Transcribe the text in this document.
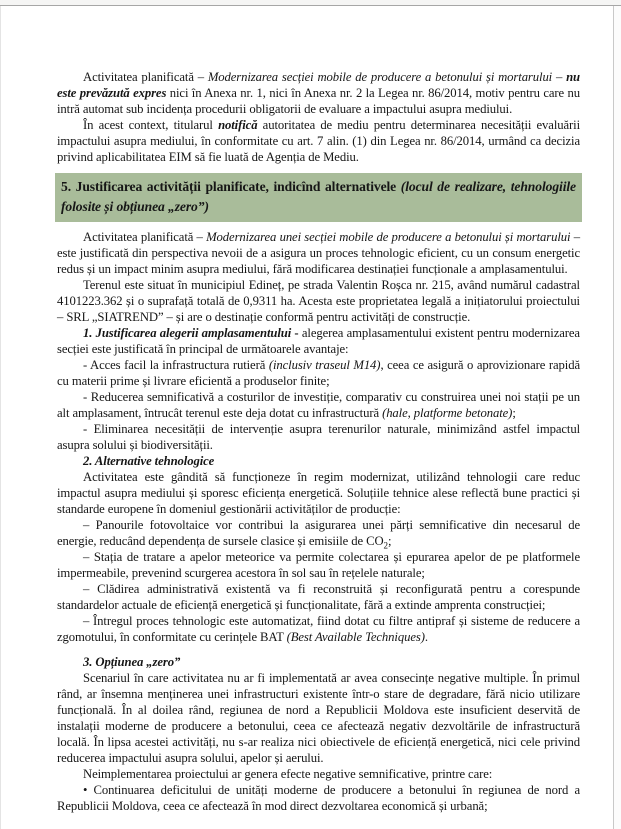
Activitatea planificată – Modernizarea secției mobile de producere a betonului și mortarului – nu este prevăzută expres nici în Anexa nr. 1, nici în Anexa nr. 2 la Legea nr. 86/2014, motiv pentru care nu intră automat sub incidența procedurii obligatorii de evaluare a impactului asupra mediului.
În acest context, titularul notifică autoritatea de mediu pentru determinarea necesității evaluării impactului asupra mediului, în conformitate cu art. 7 alin. (1) din Legea nr. 86/2014, urmând ca decizia privind aplicabilitatea EIM să fie luată de Agenția de Mediu.
5. Justificarea activității planificate, indicînd alternativele (locul de realizare, tehnologiile folosite și obțiunea „zero”)
Activitatea planificată – Modernizarea unei secției mobile de producere a betonului și mortarului – este justificată din perspectiva nevoii de a asigura un proces tehnologic eficient, cu un consum energetic redus și un impact minim asupra mediului, fără modificarea destinației funcționale a amplasamentului.
Terenul este situat în municipiul Edineț, pe strada Valentin Roșca nr. 215, având numărul cadastral 4101223.362 și o suprafață totală de 0,9311 ha. Acesta este proprietatea legală a inițiatorului proiectului – SRL „SIATREND” – și are o destinație conformă pentru activități de construcție.
1. Justificarea alegerii amplasamentului - alegerea amplasamentului existent pentru modernizarea secției este justificată în principal de următoarele avantaje:
- Acces facil la infrastructura rutieră (inclusiv traseul M14), ceea ce asigură o aprovizionare rapidă cu materii prime și livrare eficientă a produselor finite;
- Reducerea semnificativă a costurilor de investiție, comparativ cu construirea unei noi stații pe un alt amplasament, întrucât terenul este deja dotat cu infrastructură (hale, platforme betonate);
- Eliminarea necesității de intervenție asupra terenurilor naturale, minimizând astfel impactul asupra solului și biodiversității.
2. Alternative tehnologice
Activitatea este gândită să funcționeze în regim modernizat, utilizând tehnologii care reduc impactul asupra mediului și sporesc eficiența energetică. Soluțiile tehnice alese reflectă bune practici și standarde europene în domeniul gestionării activităților de producție:
– Panourile fotovoltaice vor contribui la asigurarea unei părți semnificative din necesarul de energie, reducând dependența de sursele clasice și emisiile de $CO_2$;
– Stația de tratare a apelor meteorice va permite colectarea și epurarea apelor de pe platformele impermeabile, prevenind scurgerea acestora în sol sau în rețelele naturale;
– Clădirea administrativă existentă va fi reconstruită și reconfigurată pentru a corespunde standardelor actuale de eficiență energetică și funcționalitate, fără a extinde amprenta construcției;
– Întregul proces tehnologic este automatizat, fiind dotat cu filtre antipraf și sisteme de reducere a zgomotului, în conformitate cu cerințele BAT (Best Available Techniques).
3. Opțiunea „zero”
Scenariul în care activitatea nu ar fi implementată ar avea consecințe negative multiple. În primul rând, ar însemna menținerea unei infrastructuri existente într-o stare de degradare, fără nicio utilizare funcțională. În al doilea rând, regiunea de nord a Republicii Moldova este insuficient deservită de instalații moderne de producere a betonului, ceea ce afectează negativ dezvoltările de infrastructură locală. În lipsa acestei activități, nu s-ar realiza nici obiectivele de eficiență energetică, nici cele privind reducerea impactului asupra solului, apelor și aerului.
Neimplementarea proiectului ar genera efecte negative semnificative, printre care:
• Continuarea deficitului de unități moderne de producere a betonului în regiunea de nord a Republicii Moldova, ceea ce afectează în mod direct dezvoltarea economică și urbană;
